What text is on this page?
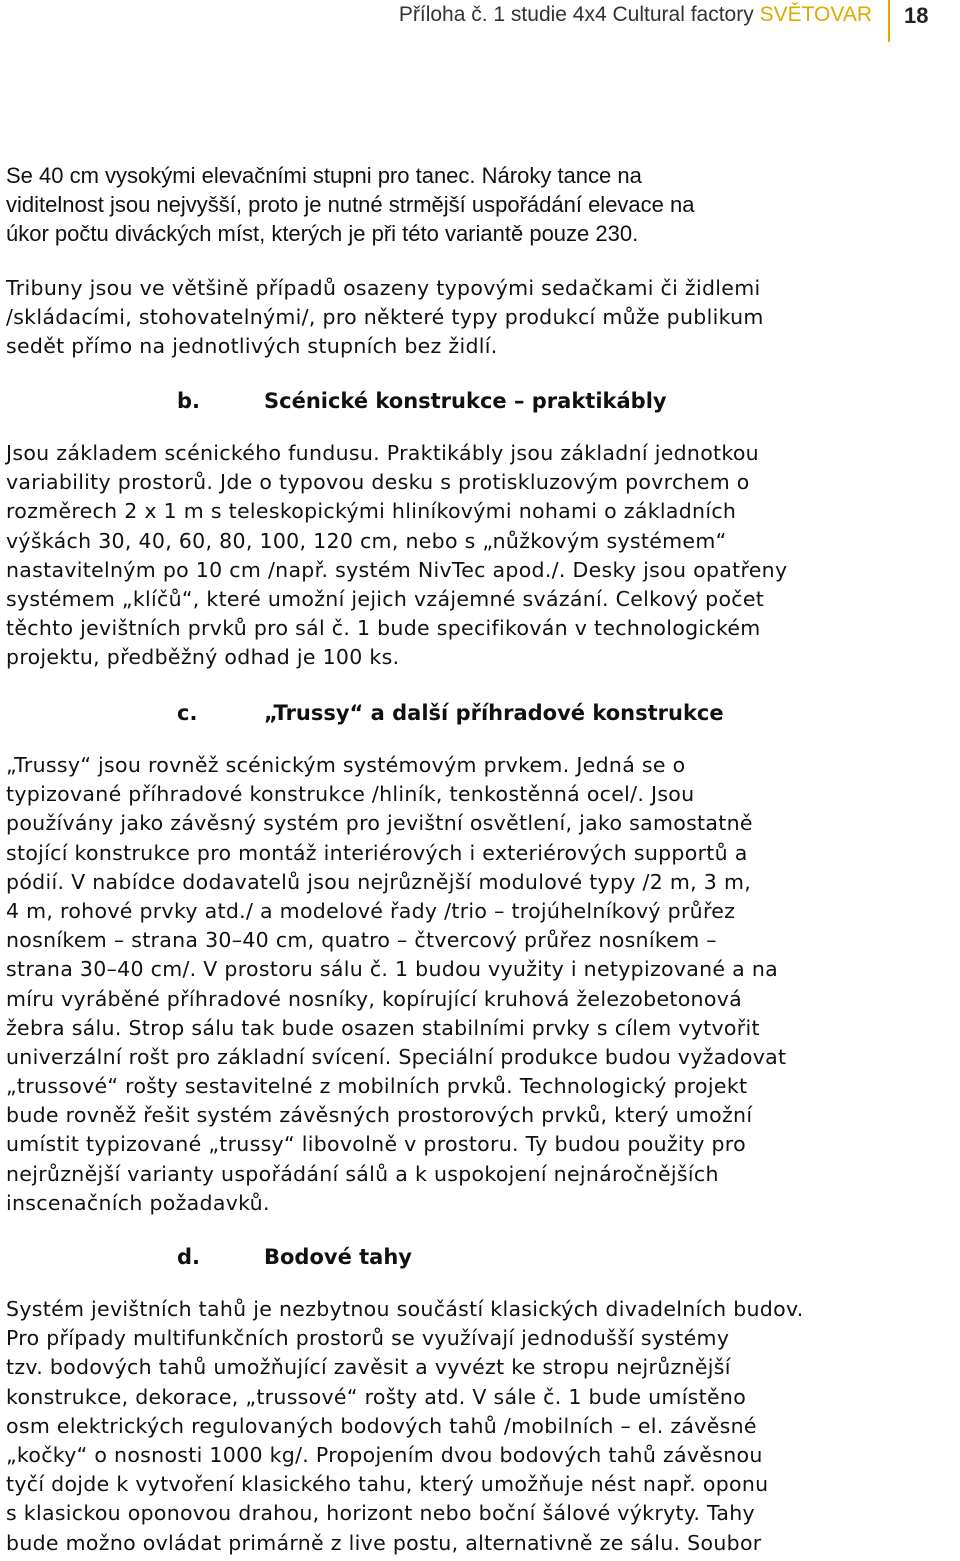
Příloha č. 1 studie 4x4 Cultural factory SVĚTOVAR 18
Se 40 cm vysokými elevačními stupni pro tanec. Nároky tance na
viditelnost jsou nejvyšší, proto je nutné strmější uspořádání elevace na
úkor počtu diváckých míst, kterých je při této variantě pouze 230.
Tribuny jsou ve většině případů osazeny typovými sedačkami či židlemi
/skládacími, stohovatelnými/, pro některé typy produkcí může publikum
sedět přímo na jednotlivých stupních bez židlí.
b.	Scénické konstrukce – praktikábly
Jsou základem scénického fundusu. Praktikábly jsou základní jednotkou
variability prostorů. Jde o typovou desku s protiskluzovým povrchem o
rozměrech 2 x 1 m s teleskopickými hliníkovými nohami o základních
výškách 30, 40, 60, 80, 100, 120 cm, nebo s „nůžkovým systémem“
nastavitelným po 10 cm /např. systém NivTec apod./. Desky jsou opatřeny
systémem „klíčů“, které umožní jejich vzájemné svázání. Celkový počet
těchto jevištních prvků pro sál č. 1 bude specifikován v technologickém
projektu, předběžný odhad je 100 ks.
c.	„Trussy“ a další příhradové konstrukce
„Trussy“ jsou rovněž scénickým systémovým prvkem. Jedná se o
typizované příhradové konstrukce /hliník, tenkostěnná ocel/. Jsou
používány jako závěsný systém pro jevištní osvětlení, jako samostatně
stojící konstrukce pro montáž interiérových i exteriérových supportů a
pódií. V nabídce dodavatelů jsou nejrůznější modulové typy /2 m, 3 m,
4 m, rohové prvky atd./ a modelové řady /trio – trojúhelníkový průřez
nosníkem – strana 30–40 cm, quatro – čtvercový průřez nosníkem –
strana 30–40 cm/. V prostoru sálu č. 1 budou využity i netypizované a na
míru vyráběné příhradové nosníky, kopírující kruhová železobetonová
žebra sálu. Strop sálu tak bude osazen stabilními prvky s cílem vytvořit
univerzální rošt pro základní svícení. Speciální produkce budou vyžadovat
„trussové“ rošty sestavitelné z mobilních prvků. Technologický projekt
bude rovněž řešit systém závěsných prostorových prvků, který umožní
umístit typizované „trussy“ libovolně v prostoru. Ty budou použity pro
nejrůznější varianty uspořádání sálů a k uspokojení nejnáročnějších
inscenačních požadavků.
d.	Bodové tahy
Systém jevištních tahů je nezbytnou součástí klasických divadelních budov.
Pro případy multifunkčních prostorů se využívají jednodušší systémy
tzv. bodových tahů umožňující zavěsit a vyvézt ke stropu nejrůznější
konstrukce, dekorace, „trussové“ rošty atd. V sále č. 1 bude umístěno
osm elektrických regulovaných bodových tahů /mobilních – el. závěsné
„kočky“ o nosnosti 1000 kg/. Propojením dvou bodových tahů závěsnou
tyčí dojde k vytvoření klasického tahu, který umožňuje nést např. oponu
s klasickou oponovou drahou, horizont nebo boční šálové výkryty. Tahy
bude možno ovládat primárně z live postu, alternativně ze sálu. Soubor
